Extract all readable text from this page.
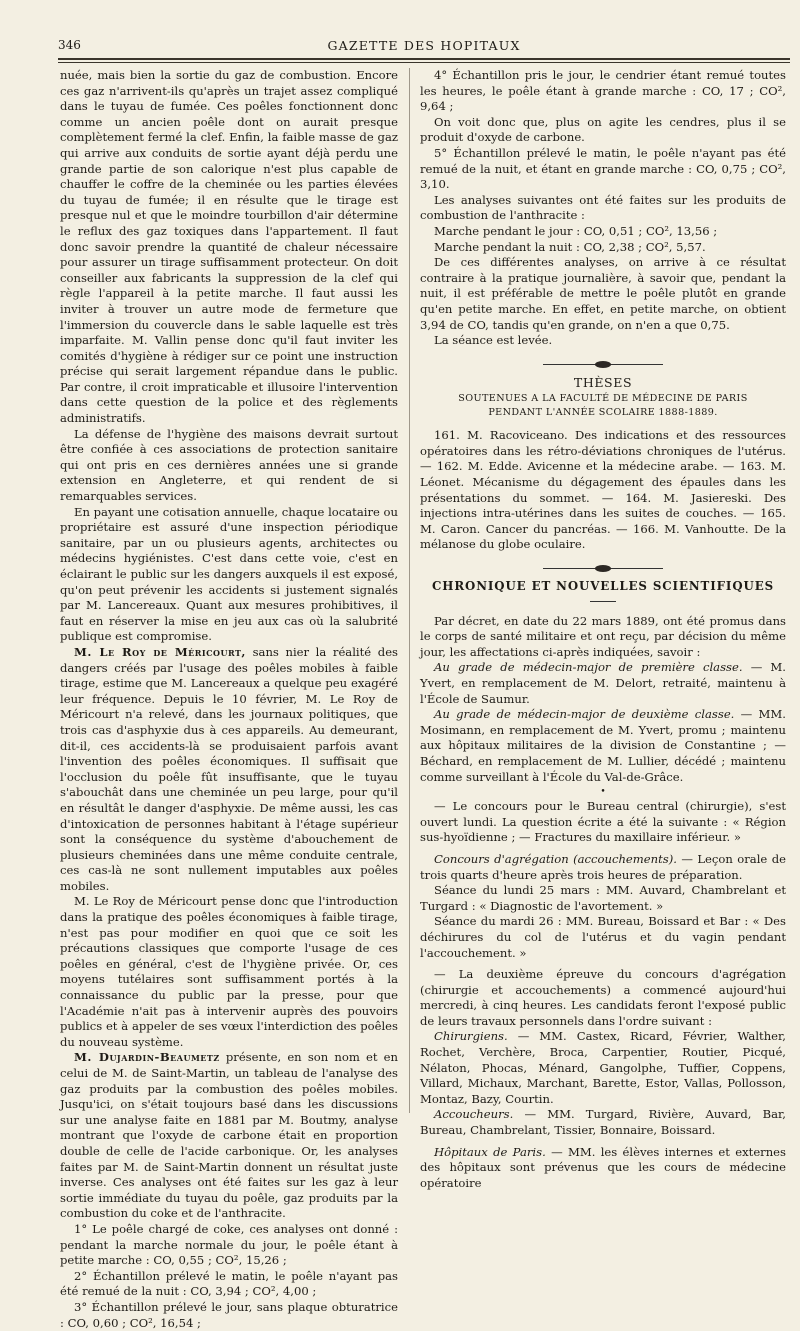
346	GAZETTE DES HOPITAUX

nuée, mais bien la sortie du gaz de combustion. Encore ces gaz n'arrivent-ils qu'après un trajet assez compliqué dans le tuyau de fumée. Ces poêles fonctionnent donc comme un ancien poêle dont on aurait presque complètement fermé la clef. Enfin, la faible masse de gaz qui arrive aux conduits de sortie ayant déjà perdu une grande partie de son calorique n'est plus capable de chauffer le coffre de la cheminée ou les parties élevées du tuyau de fumée; il en résulte que le tirage est presque nul et que le moindre tourbillon d'air détermine le reflux des gaz toxiques dans l'appartement. Il faut donc savoir prendre la quantité de chaleur nécessaire pour assurer un tirage suffisamment protecteur. On doit conseiller aux fabricants la suppression de la clef qui règle l'appareil à la petite marche. Il faut aussi les inviter à trouver un autre mode de fermeture que l'immersion du couvercle dans le sable laquelle est très imparfaite. M. Vallin pense donc qu'il faut inviter les comités d'hygiène à rédiger sur ce point une instruction précise qui serait largement répandue dans le public. Par contre, il croit impraticable et illusoire l'intervention dans cette question de la police et des règlements administratifs.

La défense de l'hygiène des maisons devrait surtout être confiée à ces associations de protection sanitaire qui ont pris en ces dernières années une si grande extension en Angleterre, et qui rendent de si remarquables services.

En payant une cotisation annuelle, chaque locataire ou propriétaire est assuré d'une inspection périodique sanitaire, par un ou plusieurs agents, architectes ou médecins hygiénistes. C'est dans cette voie, c'est en éclairant le public sur les dangers auxquels il est exposé, qu'on peut prévenir les accidents si justement signalés par M. Lancereaux. Quant aux mesures prohibitives, il faut en réserver la mise en jeu aux cas où la salubrité publique est compromise.

M. Le Roy de Méricourt, sans nier la réalité des dangers créés par l'usage des poêles mobiles à faible tirage, estime que M. Lancereaux a quelque peu exagéré leur fréquence. Depuis le 10 février, M. Le Roy de Méricourt n'a relevé, dans les journaux politiques, que trois cas d'asphyxie dus à ces appareils. Au demeurant, dit-il, ces accidents-là se produisaient parfois avant l'invention des poêles économiques. Il suffisait que l'occlusion du poêle fût insuffisante, que le tuyau s'abouchât dans une cheminée un peu large, pour qu'il en résultât le danger d'asphyxie. De même aussi, les cas d'intoxication de personnes habitant à l'étage supérieur sont la conséquence du système d'abouchement de plusieurs cheminées dans une même conduite centrale, ces cas-là ne sont nullement imputables aux poêles mobiles.

M. Le Roy de Méricourt pense donc que l'introduction dans la pratique des poêles économiques à faible tirage, n'est pas pour modifier en quoi que ce soit les précautions classiques que comporte l'usage de ces poêles en général, c'est de l'hygiène privée. Or, ces moyens tutélaires sont suffisamment portés à la connaissance du public par la presse, pour que l'Académie n'ait pas à intervenir auprès des pouvoirs publics et à appeler de ses vœux l'interdiction des poêles du nouveau système.

M. Dujardin-Beaumetz présente, en son nom et en celui de M. de Saint-Martin, un tableau de l'analyse des gaz produits par la combustion des poêles mobiles. Jusqu'ici, on s'était toujours basé dans les discussions sur une analyse faite en 1881 par M. Boutmy, analyse montrant que l'oxyde de carbone était en proportion double de celle de l'acide carbonique. Or, les analyses faites par M. de Saint-Martin donnent un résultat juste inverse. Ces analyses ont été faites sur les gaz à leur sortie immédiate du tuyau du poêle, gaz produits par la combustion du coke et de l'anthracite.

1° Le poêle chargé de coke, ces analyses ont donné : pendant la marche normale du jour, le poêle étant à petite marche : CO, 0,55 ; CO², 15,26 ;

2° Échantillon prélevé le matin, le poêle n'ayant pas été remué de la nuit : CO, 3,94 ; CO², 4,00 ;

3° Échantillon prélevé le jour, sans plaque obturatrice : CO, 0,60 ; CO², 16,54 ;

4° Échantillon pris le jour, le cendrier étant remué toutes les heures, le poêle étant à grande marche : CO, 17 ; CO², 9,64 ;

On voit donc que, plus on agite les cendres, plus il se produit d'oxyde de carbone.

5° Échantillon prélevé le matin, le poêle n'ayant pas été remué de la nuit, et étant en grande marche : CO, 0,75 ; CO², 3,10.

Les analyses suivantes ont été faites sur les produits de combustion de l'anthracite :

Marche pendant le jour : CO, 0,51 ; CO², 13,56 ;

Marche pendant la nuit : CO, 2,38 ; CO², 5,57.

De ces différentes analyses, on arrive à ce résultat contraire à la pratique journalière, à savoir que, pendant la nuit, il est préférable de mettre le poêle plutôt en grande qu'en petite marche. En effet, en petite marche, on obtient 3,94 de CO, tandis qu'en grande, on n'en a que 0,75.

La séance est levée.

THÈSES
SOUTENUES A LA FACULTÉ DE MÉDECINE DE PARIS
PENDANT L'ANNÉE SCOLAIRE 1888-1889.

161. M. Racoviceano. Des indications et des ressources opératoires dans les rétro-déviations chroniques de l'utérus. — 162. M. Edde. Avicenne et la médecine arabe. — 163. M. Léonet. Mécanisme du dégagement des épaules dans les présentations du sommet. — 164. M. Jasiereski. Des injections intra-utérines dans les suites de couches. — 165. M. Caron. Cancer du pancréas. — 166. M. Vanhoutte. De la mélanose du globe oculaire.

CHRONIQUE ET NOUVELLES SCIENTIFIQUES

Par décret, en date du 22 mars 1889, ont été promus dans le corps de santé militaire et ont reçu, par décision du même jour, les affectations ci-après indiquées, savoir :

Au grade de médecin-major de première classe. — M. Yvert, en remplacement de M. Delort, retraité, maintenu à l'École de Saumur.

Au grade de médecin-major de deuxième classe. — MM. Mosimann, en remplacement de M. Yvert, promu ; maintenu aux hôpitaux militaires de la division de Constantine ; — Béchard, en remplacement de M. Lullier, décédé ; maintenu comme surveillant à l'École du Val-de-Grâce.

•

— Le concours pour le Bureau central (chirurgie), s'est ouvert lundi. La question écrite a été la suivante : « Région sus-hyoïdienne ; — Fractures du maxillaire inférieur. »

Concours d'agrégation (accouchements). — Leçon orale de trois quarts d'heure après trois heures de préparation.

Séance du lundi 25 mars : MM. Auvard, Chambrelant et Turgard : « Diagnostic de l'avortement. »

Séance du mardi 26 : MM. Bureau, Boissard et Bar : « Des déchirures du col de l'utérus et du vagin pendant l'accouchement. »

— La deuxième épreuve du concours d'agrégation (chirurgie et accouchements) a commencé aujourd'hui mercredi, à cinq heures. Les candidats feront l'exposé public de leurs travaux personnels dans l'ordre suivant :

Chirurgiens. — MM. Castex, Ricard, Février, Walther, Rochet, Verchère, Broca, Carpentier, Routier, Picqué, Nélaton, Phocas, Ménard, Gangolphe, Tuffier, Coppens, Villard, Michaux, Marchant, Barette, Estor, Vallas, Pollosson, Montaz, Bazy, Courtin.

Accoucheurs. — MM. Turgard, Rivière, Auvard, Bar, Bureau, Chambrelant, Tissier, Bonnaire, Boissard.

Hôpitaux de Paris. — MM. les élèves internes et externes des hôpitaux sont prévenus que les cours de médecine opératoire
